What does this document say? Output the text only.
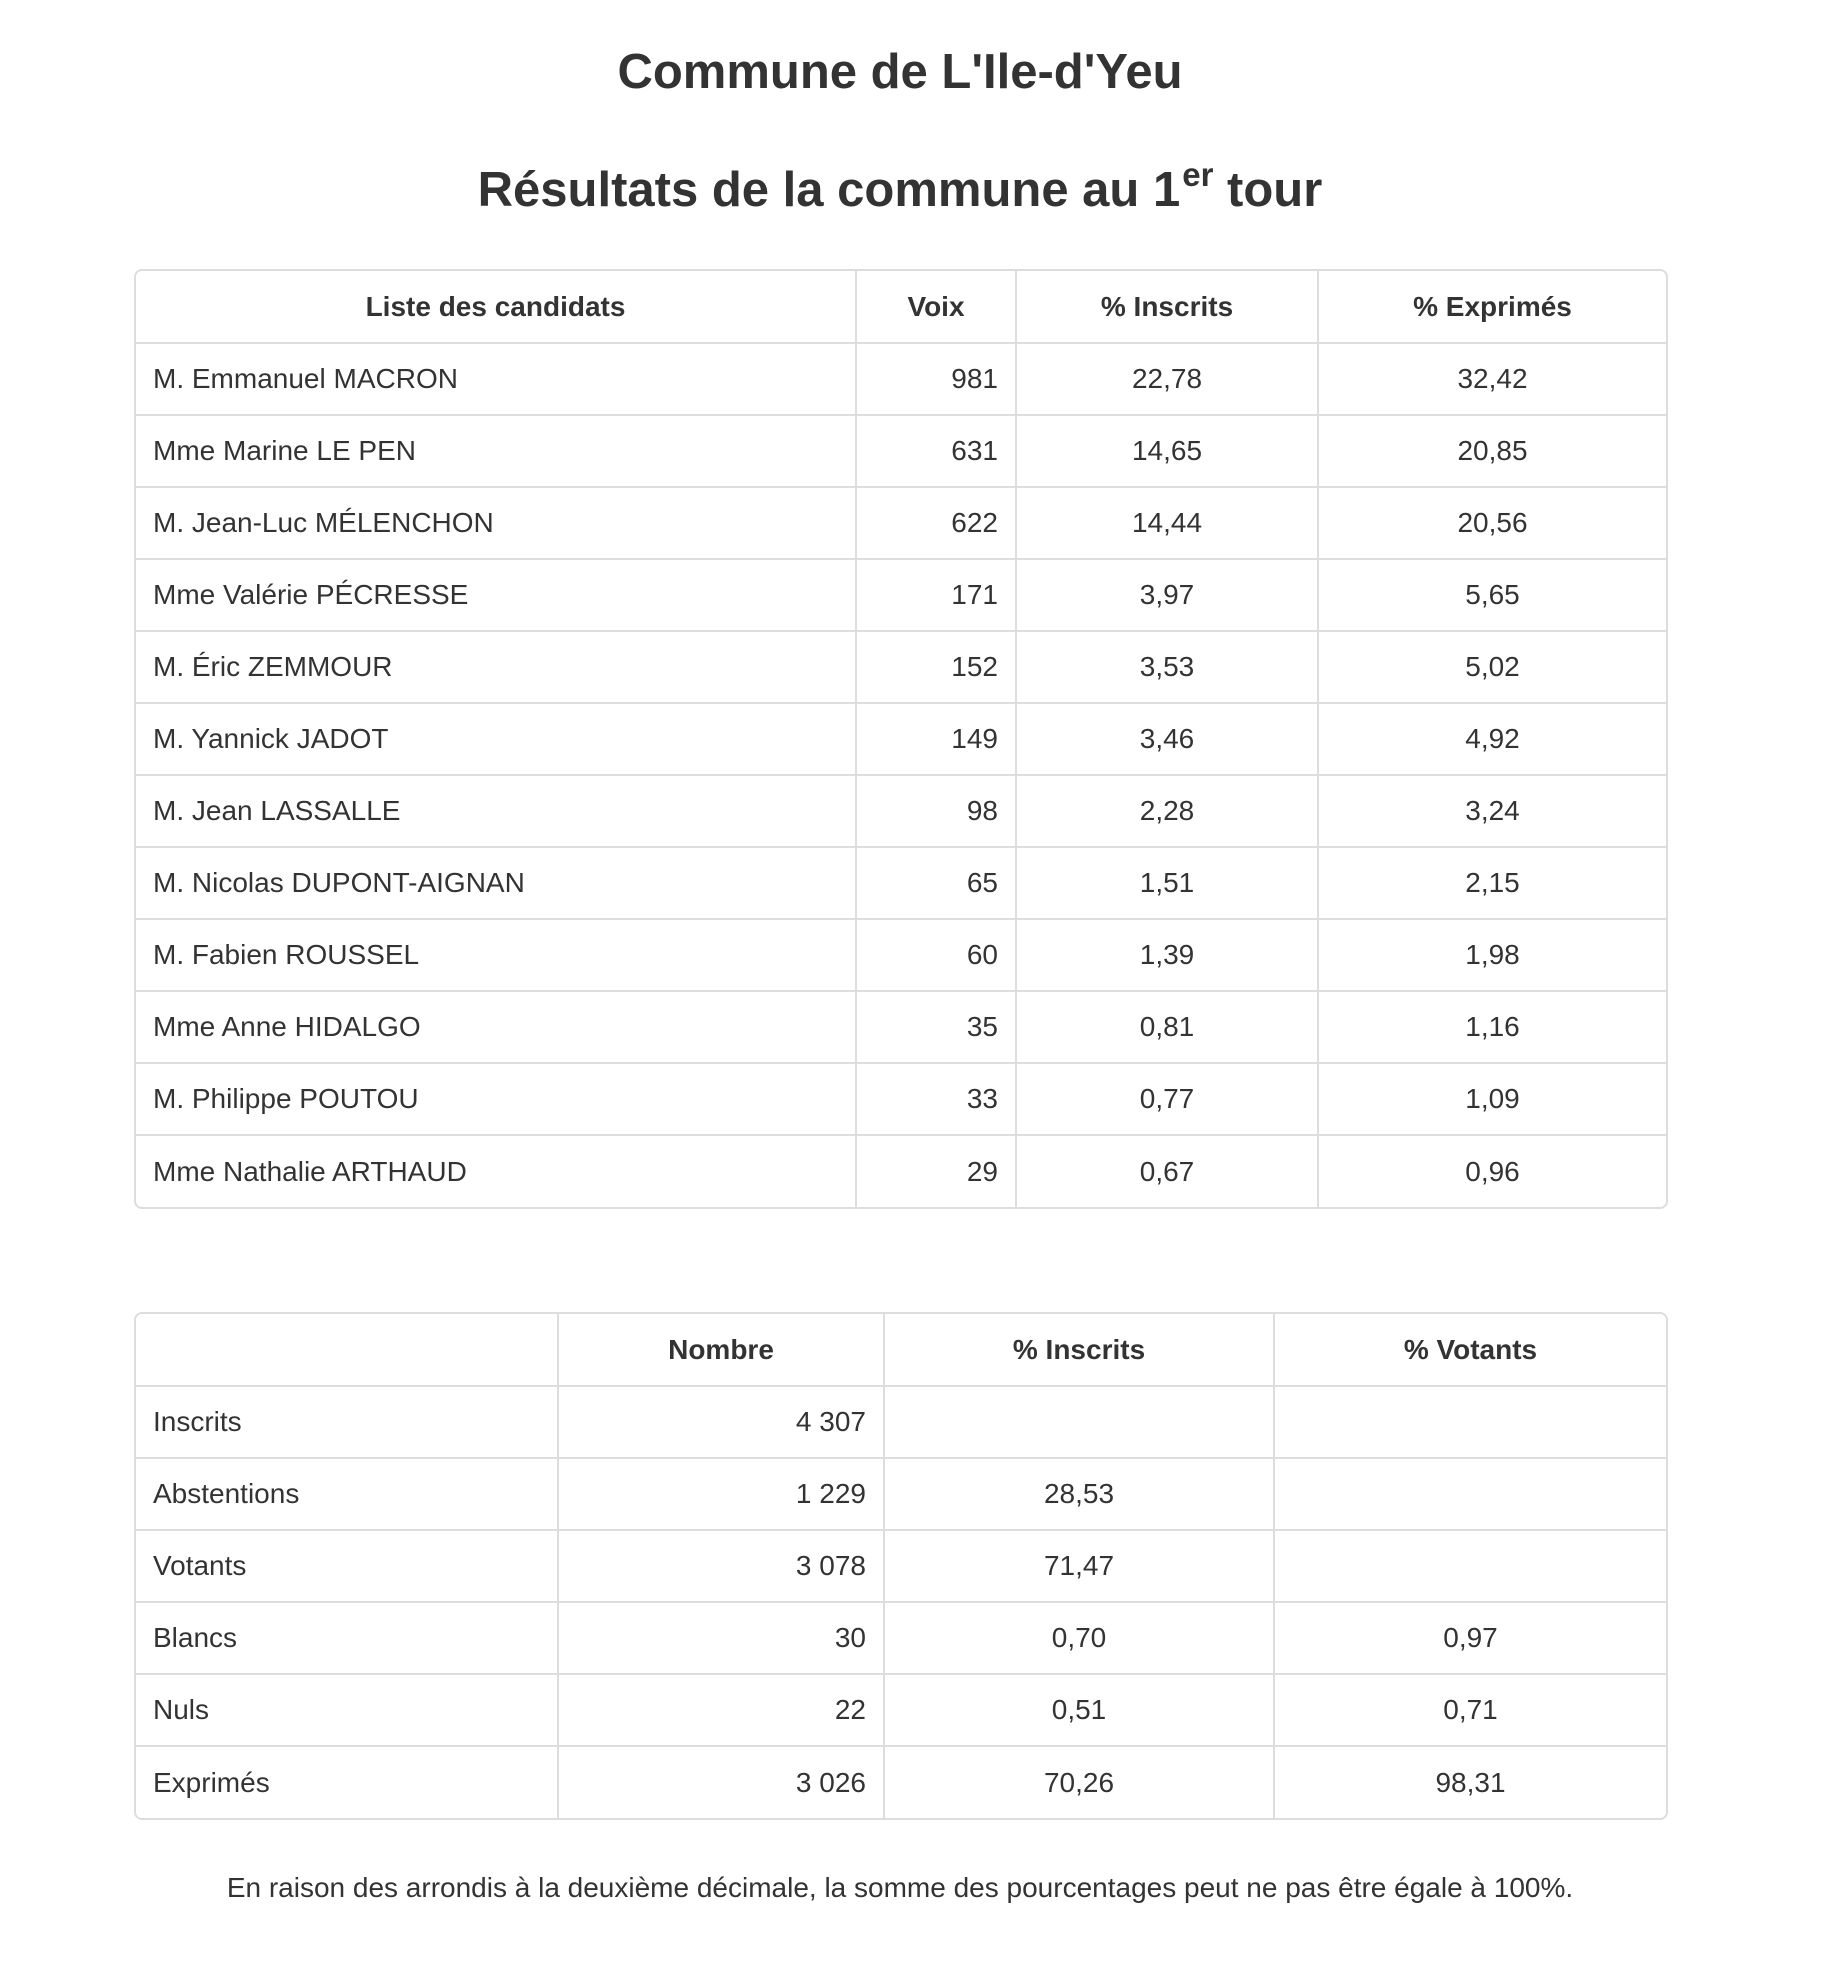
Commune de L'Ile-d'Yeu
Résultats de la commune au 1er tour
Liste des candidats	Voix	% Inscrits	% Exprimés
M. Emmanuel MACRON	981	22,78	32,42
Mme Marine LE PEN	631	14,65	20,85
M. Jean-Luc MÉLENCHON	622	14,44	20,56
Mme Valérie PÉCRESSE	171	3,97	5,65
M. Éric ZEMMOUR	152	3,53	5,02
M. Yannick JADOT	149	3,46	4,92
M. Jean LASSALLE	98	2,28	3,24
M. Nicolas DUPONT-AIGNAN	65	1,51	2,15
M. Fabien ROUSSEL	60	1,39	1,98
Mme Anne HIDALGO	35	0,81	1,16
M. Philippe POUTOU	33	0,77	1,09
Mme Nathalie ARTHAUD	29	0,67	0,96
	Nombre	% Inscrits	% Votants
Inscrits	4 307		
Abstentions	1 229	28,53	
Votants	3 078	71,47	
Blancs	30	0,70	0,97
Nuls	22	0,51	0,71
Exprimés	3 026	70,26	98,31

En raison des arrondis à la deuxième décimale, la somme des pourcentages peut ne pas être égale à 100%.
